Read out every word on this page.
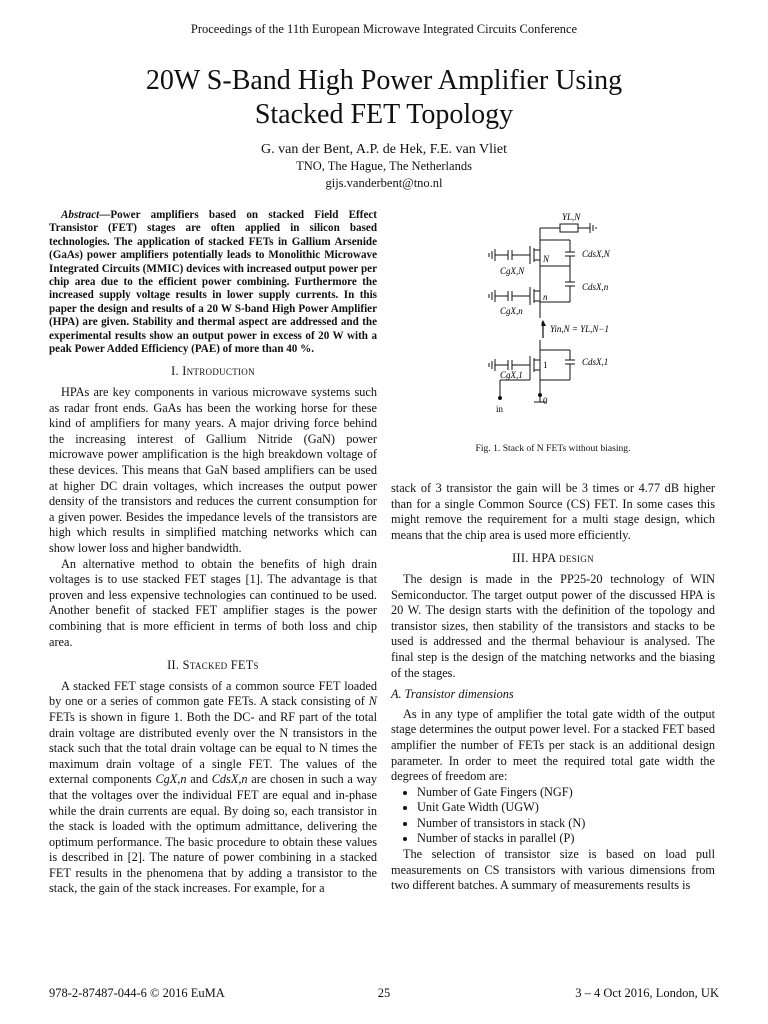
Proceedings of the 11th European Microwave Integrated Circuits Conference
20W S-Band High Power Amplifier Using
Stacked FET Topology
G. van der Bent, A.P. de Hek, F.E. van Vliet
TNO, The Hague, The Netherlands
gijs.vanderbent@tno.nl
Abstract—Power amplifiers based on stacked Field Effect Transistor (FET) stages are often applied in silicon based technologies. The application of stacked FETs in Gallium Arsenide (GaAs) power amplifiers potentially leads to Monolithic Microwave Integrated Circuits (MMIC) devices with increased output power per chip area due to the efficient power combining. Furthermore the increased supply voltage results in lower supply currents. In this paper the design and results of a 20 W S-band High Power Amplifier (HPA) are given. Stability and thermal aspect are addressed and the experimental results show an output power in excess of 20 W with a peak Power Added Efficiency (PAE) of more than 40 %.
I. Introduction

HPAs are key components in various microwave systems such as radar front ends. GaAs has been the working horse for these kind of amplifiers for many years. A major driving force behind the increasing interest of Gallium Nitride (GaN) power microwave power amplification is the high breakdown voltage of these devices. This means that GaN based amplifiers can be used at higher DC drain voltages, which increases the output power density of the transistors and reduces the current consumption for a given power. Besides the impedance levels of the transistors are high which results in simplified matching networks which can show lower loss and higher bandwidth.

An alternative method to obtain the benefits of high drain voltages is to use stacked FET stages [1]. The advantage is that proven and less expensive technologies can continued to be used. Another benefit of stacked FET amplifier stages is the power combining that is more efficient in terms of both loss and chip area.

II. Stacked FETs

A stacked FET stage consists of a common source FET loaded by one or a series of common gate FETs. A stack consisting of N FETs is shown in figure 1. Both the DC- and RF part of the total drain voltage are distributed evenly over the N transistors in the stack such that the total drain voltage can be equal to N times the maximum drain voltage of a single FET. The values of the external components CgX,n and CdsX,n are chosen in such a way that the voltages over the individual FET are equal and in-phase while the drain currents are equal. By doing so, each transistor in the stack is loaded with the optimum admittance, delivering the optimum performance. The basic procedure to obtain these values is described in [2]. The nature of power combining in a stacked FET results in the phenomena that by adding a transistor to the stack, the gain of the stack increases. For example, for a

YL,N
N
n
1
CdsX,N
CdsX,n
CdsX,1
CgX,N
CgX,n
CgX,1
Yin,N = YL,N−1
0
in
Fig. 1. Stack of N FETs without biasing.

stack of 3 transistor the gain will be 3 times or 4.77 dB higher than for a single Common Source (CS) FET. In some cases this might remove the requirement for a multi stage design, which means that the chip area is used more efficiently.

III. HPA design

The design is made in the PP25-20 technology of WIN Semiconductor. The target output power of the discussed HPA is 20 W. The design starts with the definition of the topology and transistor sizes, then stability of the transistors and stacks to be used is addressed and the thermal behaviour is analysed. The final step is the design of the matching networks and the biasing of the stages.

A. Transistor dimensions

As in any type of amplifier the total gate width of the output stage determines the output power level. For a stacked FET based amplifier the number of FETs per stack is an additional design parameter. In order to meet the required total gate width the degrees of freedom are:

• Number of Gate Fingers (NGF)
• Unit Gate Width (UGW)
• Number of transistors in stack (N)
• Number of stacks in parallel (P)

The selection of transistor size is based on load pull measurements on CS transistors with various dimensions from two different batches. A summary of measurements results is

978-2-87487-044-6 © 2016 EuMA	25	3 – 4 Oct 2016, London, UK
